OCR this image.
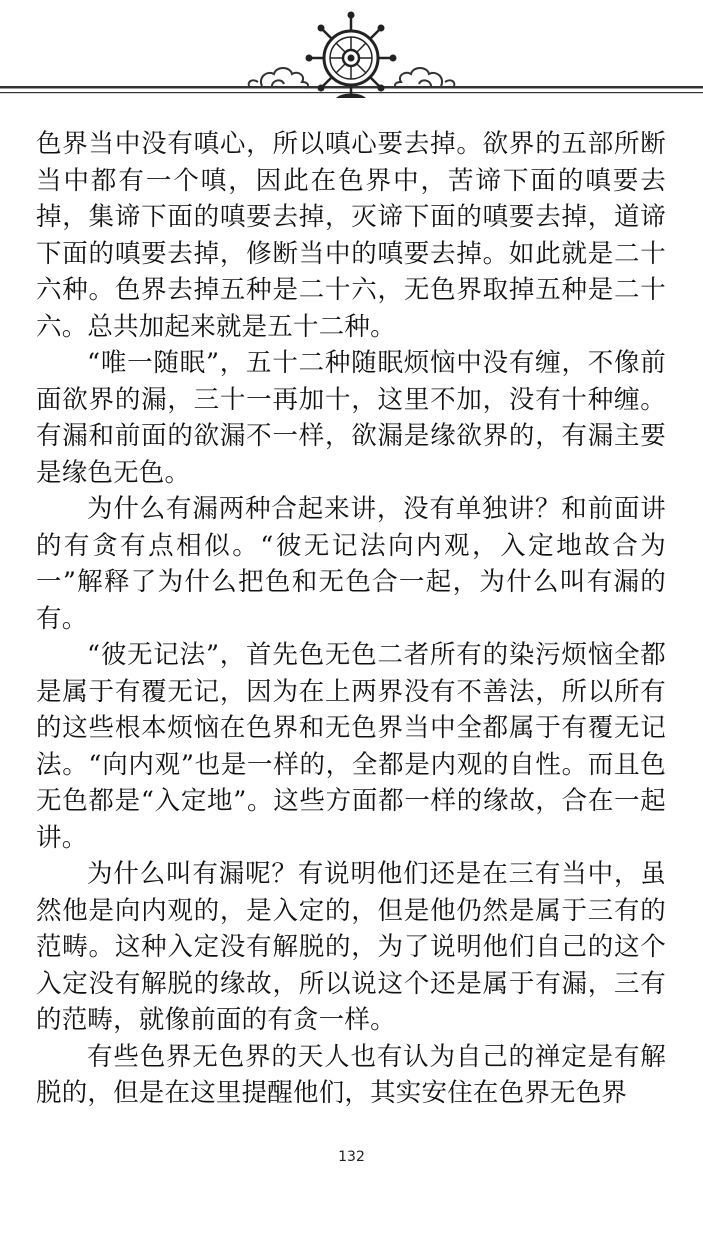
色界当中没有嗔心，所以嗔心要去掉。欲界的五部所断当中都有一个嗔，因此在色界中，苦谛下面的嗔要去掉，集谛下面的嗔要去掉，灭谛下面的嗔要去掉，道谛下面的嗔要去掉，修断当中的嗔要去掉。如此就是二十六种。色界去掉五种是二十六，无色界取掉五种是二十六。总共加起来就是五十二种。

“唯一随眠”，五十二种随眠烦恼中没有缠，不像前面欲界的漏，三十一再加十，这里不加，没有十种缠。有漏和前面的欲漏不一样，欲漏是缘欲界的，有漏主要是缘色无色。

为什么有漏两种合起来讲，没有单独讲？和前面讲的有贪有点相似。“彼无记法向内观，入定地故合为一”解释了为什么把色和无色合一起，为什么叫有漏的有。

“彼无记法”，首先色无色二者所有的染污烦恼全都是属于有覆无记，因为在上两界没有不善法，所以所有的这些根本烦恼在色界和无色界当中全都属于有覆无记法。“向内观”也是一样的，全都是内观的自性。而且色无色都是“入定地”。这些方面都一样的缘故，合在一起讲。

为什么叫有漏呢？有说明他们还是在三有当中，虽然他是向内观的，是入定的，但是他仍然是属于三有的范畴。这种入定没有解脱的，为了说明他们自己的这个入定没有解脱的缘故，所以说这个还是属于有漏，三有的范畴，就像前面的有贪一样。

有些色界无色界的天人也有认为自己的禅定是有解脱的，但是在这里提醒他们，其实安住在色界无色界

132
